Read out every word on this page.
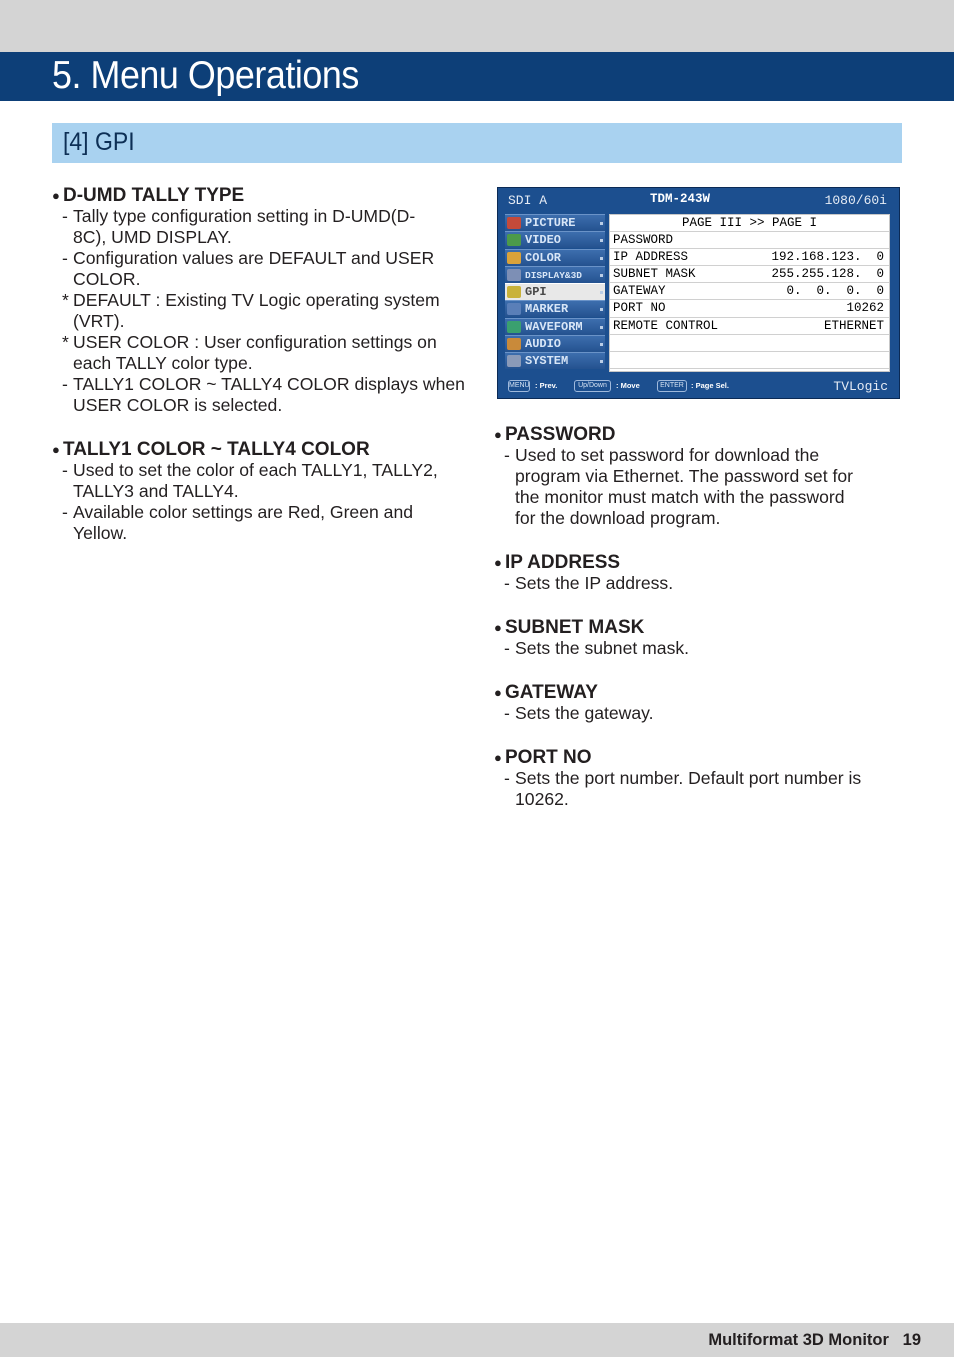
5. Menu Operations
[4] GPI
● D-UMD TALLY TYPE
- Tally type configuration setting in D-UMD(D-
8C), UMD DISPLAY.
- Configuration values are DEFAULT and USER
COLOR.
* DEFAULT : Existing TV Logic operating system
(VRT).
* USER COLOR : User configuration settings on
each TALLY color type.
- TALLY1 COLOR ~ TALLY4 COLOR displays when
USER COLOR is selected.
● TALLY1 COLOR ~ TALLY4 COLOR
- Used to set the color of each TALLY1, TALLY2,
TALLY3 and TALLY4.
- Available color settings are Red, Green and
Yellow.
SDI A	TDM-243W	1080/60i
PICTURE
VIDEO
COLOR
DISPLAY&3D
GPI
MARKER
WAVEFORM
AUDIO
SYSTEM
PAGE III >> PAGE I
PASSWORD
IP ADDRESS	192.168.123.  0
SUBNET MASK	255.255.128.  0
GATEWAY	0.  0.  0.  0
PORT NO	10262
REMOTE CONTROL	ETHERNET
TVLogic
MENU : Prev.	Up/Down	: Move	ENTER : Page Sel.
● PASSWORD
- Used to set password for download the
program via Ethernet. The password set for
the monitor must match with the password
for the download program.
● IP ADDRESS
- Sets the IP address.
● SUBNET MASK
- Sets the subnet mask.
● GATEWAY
- Sets the gateway.
● PORT NO
- Sets the port number. Default port number is
10262.
Multiformat 3D Monitor   19
